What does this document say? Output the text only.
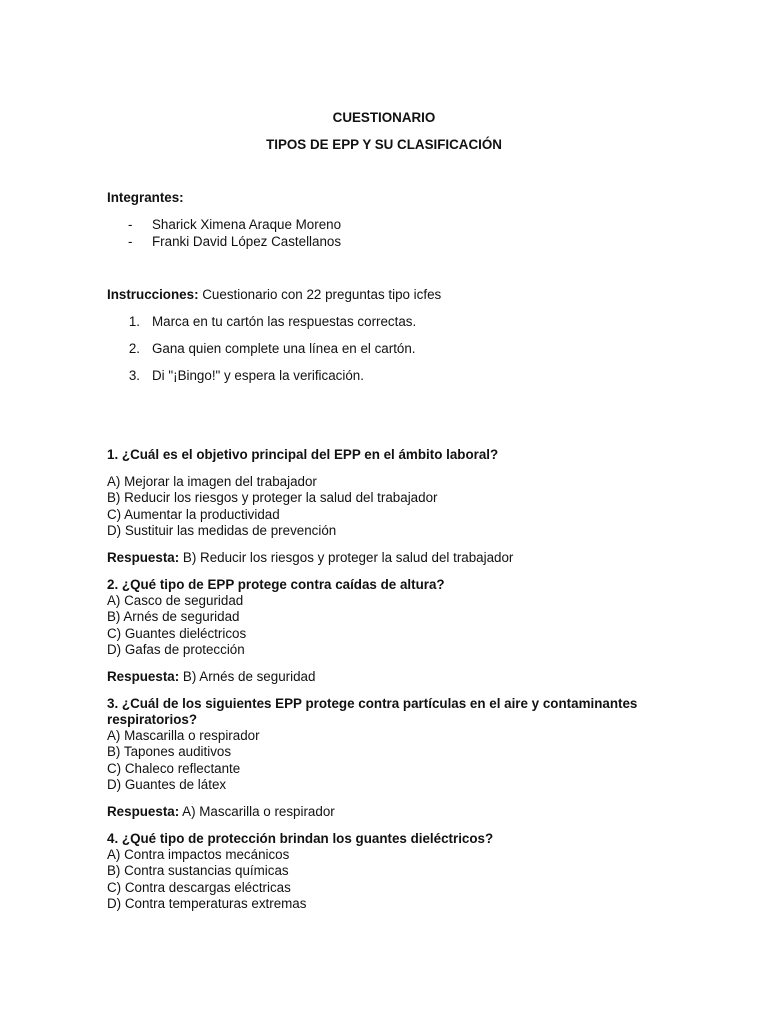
CUESTIONARIO
TIPOS DE EPP Y SU CLASIFICACIÓN
Integrantes:
-	Sharick Ximena Araque Moreno
-	Franki David López Castellanos
Instrucciones: Cuestionario con 22 preguntas tipo icfes
1. Marca en tu cartón las respuestas correctas.
2. Gana quien complete una línea en el cartón.
3. Di "¡Bingo!" y espera la verificación.
1. ¿Cuál es el objetivo principal del EPP en el ámbito laboral?
A) Mejorar la imagen del trabajador
B) Reducir los riesgos y proteger la salud del trabajador
C) Aumentar la productividad
D) Sustituir las medidas de prevención
Respuesta: B) Reducir los riesgos y proteger la salud del trabajador
2. ¿Qué tipo de EPP protege contra caídas de altura?
A) Casco de seguridad
B) Arnés de seguridad
C) Guantes dieléctricos
D) Gafas de protección
Respuesta: B) Arnés de seguridad
3. ¿Cuál de los siguientes EPP protege contra partículas en el aire y contaminantes
respiratorios?
A) Mascarilla o respirador
B) Tapones auditivos
C) Chaleco reflectante
D) Guantes de látex
Respuesta: A) Mascarilla o respirador
4. ¿Qué tipo de protección brindan los guantes dieléctricos?
A) Contra impactos mecánicos
B) Contra sustancias químicas
C) Contra descargas eléctricas
D) Contra temperaturas extremas
